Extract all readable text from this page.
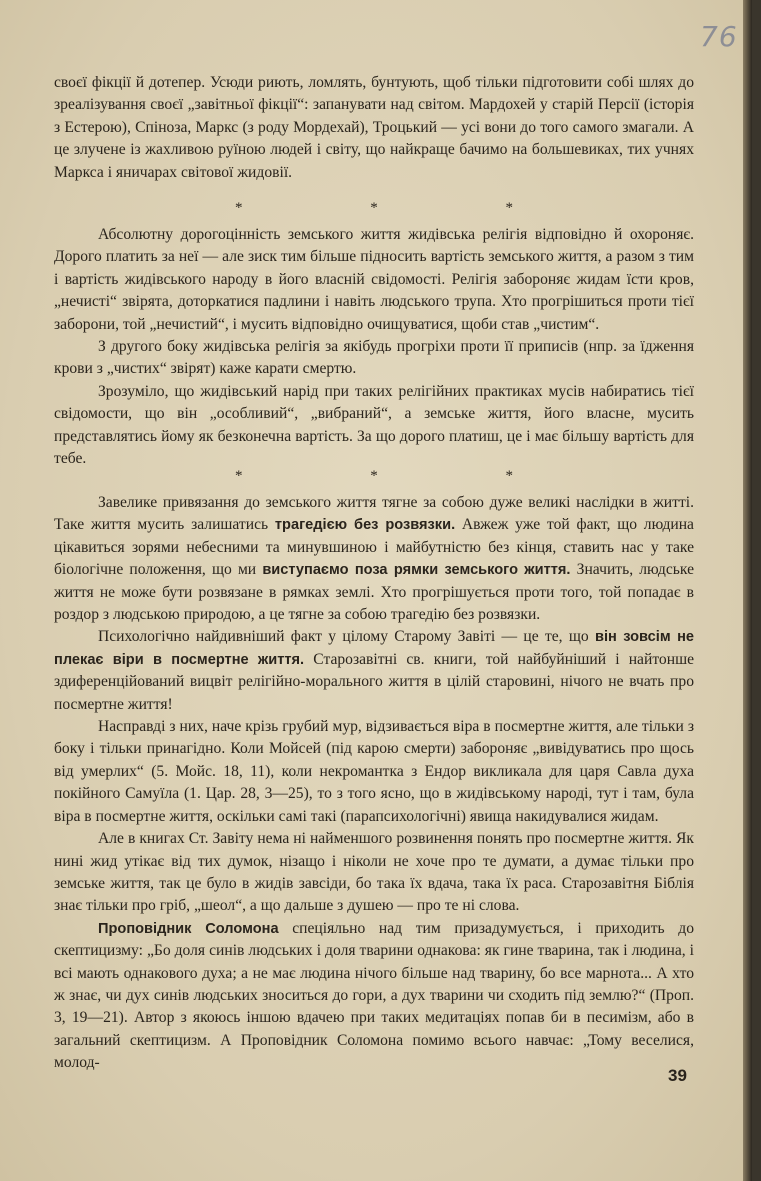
76

своєї фікції й дотепер. Усюди риють, ломлять, бунтують, щоб тільки підготовити собі шлях до зреалізування своєї „завітньої фікції“: запанувати над світом. Мардохей у старій Персії (історія з Естерою), Спіноза, Маркс (з роду Мордехай), Троцький — усі вони до того самого змагали. А це злучене із жахливою руїною людей і світу, що найкраще бачимо на большевиках, тих учнях Маркса і яничарах світової жидовії.

* * *

Абсолютну дорогоцінність земського життя жидівська релігія відповідно й охороняє. Дорого платить за неї — але зиск тим більше підносить вартість земського життя, а разом з тим і вартість жидівського народу в його власній свідомості. Релігія забороняє жидам їсти кров, „нечисті“ звірята, доторкатися падлини і навіть людського трупа. Хто прогрішиться проти тієї заборони, той „нечистий“, і мусить відповідно очищуватися, щоби став „чистим“.

З другого боку жидівська релігія за якібудь прогріхи проти її приписів (нпр. за їдження крови з „чистих“ звірят) каже карати смертю.

Зрозуміло, що жидівський нарід при таких релігійних практиках мусів набиратись тієї свідомости, що він „особливий“, „вибраний“, а земське життя, його власне, мусить представлятись йому як безконечна вартість. За що дорого платиш, це і має більшу вартість для тебе.

* * *

Завелике привязання до земського життя тягне за собою дуже великі наслідки в житті. Таке життя мусить залишатись трагедією без розвязки. Авжеж уже той факт, що людина цікавиться зорями небесними та минувшиною і майбутністю без кінця, ставить нас у таке біологічне положення, що ми виступаємо поза рямки земського життя. Значить, людське життя не може бути розвязане в рямках землі. Хто прогрішується проти того, той попадає в роздор з людською природою, а це тягне за собою трагедію без розвязки.

Психологічно найдивніший факт у цілому Старому Завіті — це те, що він зовсім не плекає віри в посмертне життя. Старозавітні св. книги, той найбуйніший і найтонше здиференційований вицвіт релігійно-морального життя в цілій старовині, нічого не вчать про посмертне життя!

Насправді з них, наче крізь грубий мур, відзивається віра в посмертне життя, але тільки з боку і тільки принагідно. Коли Мойсей (під карою смерти) забороняє „вивідуватись про щось від умерлих“ (5. Мойс. 18, 11), коли некромантка з Ендор викликала для царя Савла духа покійного Самуїла (1. Цар. 28, 3—25), то з того ясно, що в жидівському народі, тут і там, була віра в посмертне життя, оскільки самі такі (парапсихологічні) явища накидувалися жидам.

Але в книгах Ст. Завіту нема ні найменшого розвинення понять про посмертне життя. Як нині жид утікає від тих думок, нізащо і ніколи не хоче про те думати, а думає тільки про земське життя, так це було в жидів завсіди, бо така їх вдача, така їх раса. Старозавітня Біблія знає тільки про гріб, „шеол“, а що дальше з душею — про те ні слова.

Проповідник Соломона спеціяльно над тим призадумується, і приходить до скептицизму: „Бо доля синів людських і доля тварини однакова: як гине тварина, так і людина, і всі мають однакового духа; а не має людина нічого більше над тварину, бо все марнота... А хто ж знає, чи дух синів людських зноситься до гори, а дух тварини чи сходить під землю?“ (Проп. 3, 19—21). Автор з якоюсь іншою вдачею при таких медитаціях попав би в песимізм, або в загальний скептицизм. А Проповідник Соломона помимо всього навчає: „Тому веселися, молод-

39
